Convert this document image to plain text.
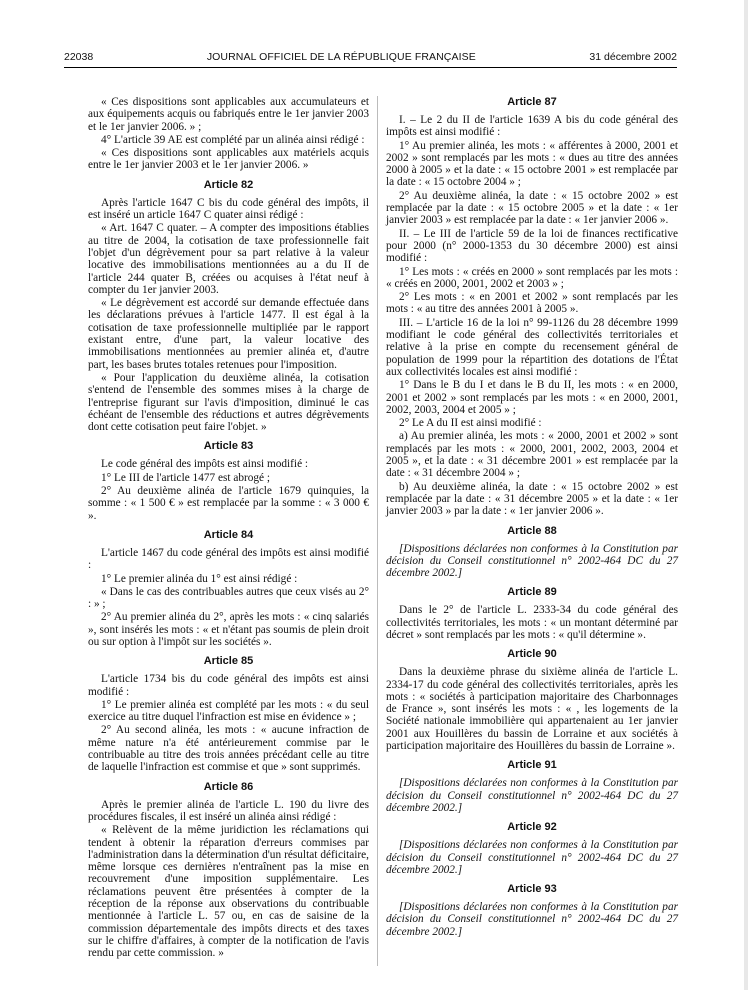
22038	JOURNAL OFFICIEL DE LA RÉPUBLIQUE FRANÇAISE	31 décembre 2002

« Ces dispositions sont applicables aux accumulateurs et aux équipements acquis ou fabriqués entre le 1er janvier 2003 et le 1er janvier 2006. » ;

4° L'article 39 AE est complété par un alinéa ainsi rédigé :

« Ces dispositions sont applicables aux matériels acquis entre le 1er janvier 2003 et le 1er janvier 2006. »

Article 82

Après l'article 1647 C bis du code général des impôts, il est inséré un article 1647 C quater ainsi rédigé :

« Art. 1647 C quater. – A compter des impositions établies au titre de 2004, la cotisation de taxe professionnelle fait l'objet d'un dégrèvement pour sa part relative à la valeur locative des immobilisations mentionnées au a du II de l'article 244 quater B, créées ou acquises à l'état neuf à compter du 1er janvier 2003.

« Le dégrèvement est accordé sur demande effectuée dans les déclarations prévues à l'article 1477. Il est égal à la cotisation de taxe professionnelle multipliée par le rapport existant entre, d'une part, la valeur locative des immobilisations mentionnées au premier alinéa et, d'autre part, les bases brutes totales retenues pour l'imposition.

« Pour l'application du deuxième alinéa, la cotisation s'entend de l'ensemble des sommes mises à la charge de l'entreprise figurant sur l'avis d'imposition, diminué le cas échéant de l'ensemble des réductions et autres dégrèvements dont cette cotisation peut faire l'objet. »

Article 83

Le code général des impôts est ainsi modifié :

1° Le III de l'article 1477 est abrogé ;

2° Au deuxième alinéa de l'article 1679 quinquies, la somme : « 1 500 € » est remplacée par la somme : « 3 000 € ».

Article 84

L'article 1467 du code général des impôts est ainsi modifié :

1° Le premier alinéa du 1° est ainsi rédigé :

« Dans le cas des contribuables autres que ceux visés au 2° : » ;

2° Au premier alinéa du 2°, après les mots : « cinq salariés », sont insérés les mots : « et n'étant pas soumis de plein droit ou sur option à l'impôt sur les sociétés ».

Article 85

L'article 1734 bis du code général des impôts est ainsi modifié :

1° Le premier alinéa est complété par les mots : « du seul exercice au titre duquel l'infraction est mise en évidence » ;

2° Au second alinéa, les mots : « aucune infraction de même nature n'a été antérieurement commise par le contribuable au titre des trois années précédant celle au titre de laquelle l'infraction est commise et que » sont supprimés.

Article 86

Après le premier alinéa de l'article L. 190 du livre des procédures fiscales, il est inséré un alinéa ainsi rédigé :

« Relèvent de la même juridiction les réclamations qui tendent à obtenir la réparation d'erreurs commises par l'administration dans la détermination d'un résultat déficitaire, même lorsque ces dernières n'entraînent pas la mise en recouvrement d'une imposition supplémentaire. Les réclamations peuvent être présentées à compter de la réception de la réponse aux observations du contribuable mentionnée à l'article L. 57 ou, en cas de saisine de la commission départementale des impôts directs et des taxes sur le chiffre d'affaires, à compter de la notification de l'avis rendu par cette commission. »

Article 87

I. – Le 2 du II de l'article 1639 A bis du code général des impôts est ainsi modifié :

1° Au premier alinéa, les mots : « afférentes à 2000, 2001 et 2002 » sont remplacés par les mots : « dues au titre des années 2000 à 2005 » et la date : « 15 octobre 2001 » est remplacée par la date : « 15 octobre 2004 » ;

2° Au deuxième alinéa, la date : « 15 octobre 2002 » est remplacée par la date : « 15 octobre 2005 » et la date : « 1er janvier 2003 » est remplacée par la date : « 1er janvier 2006 ».

II. – Le III de l'article 59 de la loi de finances rectificative pour 2000 (n° 2000-1353 du 30 décembre 2000) est ainsi modifié :

1° Les mots : « créés en 2000 » sont remplacés par les mots : « créés en 2000, 2001, 2002 et 2003 » ;

2° Les mots : « en 2001 et 2002 » sont remplacés par les mots : « au titre des années 2001 à 2005 ».

III. – L'article 16 de la loi n° 99-1126 du 28 décembre 1999 modifiant le code général des collectivités territoriales et relative à la prise en compte du recensement général de population de 1999 pour la répartition des dotations de l'État aux collectivités locales est ainsi modifié :

1° Dans le B du I et dans le B du II, les mots : « en 2000, 2001 et 2002 » sont remplacés par les mots : « en 2000, 2001, 2002, 2003, 2004 et 2005 » ;

2° Le A du II est ainsi modifié :

a) Au premier alinéa, les mots : « 2000, 2001 et 2002 » sont remplacés par les mots : « 2000, 2001, 2002, 2003, 2004 et 2005 », et la date : « 31 décembre 2001 » est remplacée par la date : « 31 décembre 2004 » ;

b) Au deuxième alinéa, la date : « 15 octobre 2002 » est remplacée par la date : « 31 décembre 2005 » et la date : « 1er janvier 2003 » par la date : « 1er janvier 2006 ».

Article 88

[Dispositions déclarées non conformes à la Constitution par décision du Conseil constitutionnel n° 2002-464 DC du 27 décembre 2002.]

Article 89

Dans le 2° de l'article L. 2333-34 du code général des collectivités territoriales, les mots : « un montant déterminé par décret » sont remplacés par les mots : « qu'il détermine ».

Article 90

Dans la deuxième phrase du sixième alinéa de l'article L. 2334-17 du code général des collectivités territoriales, après les mots : « sociétés à participation majoritaire des Charbonnages de France », sont insérés les mots : « , les logements de la Société nationale immobilière qui appartenaient au 1er janvier 2001 aux Houillères du bassin de Lorraine et aux sociétés à participation majoritaire des Houillères du bassin de Lorraine ».

Article 91

[Dispositions déclarées non conformes à la Constitution par décision du Conseil constitutionnel n° 2002-464 DC du 27 décembre 2002.]

Article 92

[Dispositions déclarées non conformes à la Constitution par décision du Conseil constitutionnel n° 2002-464 DC du 27 décembre 2002.]

Article 93

[Dispositions déclarées non conformes à la Constitution par décision du Conseil constitutionnel n° 2002-464 DC du 27 décembre 2002.]
